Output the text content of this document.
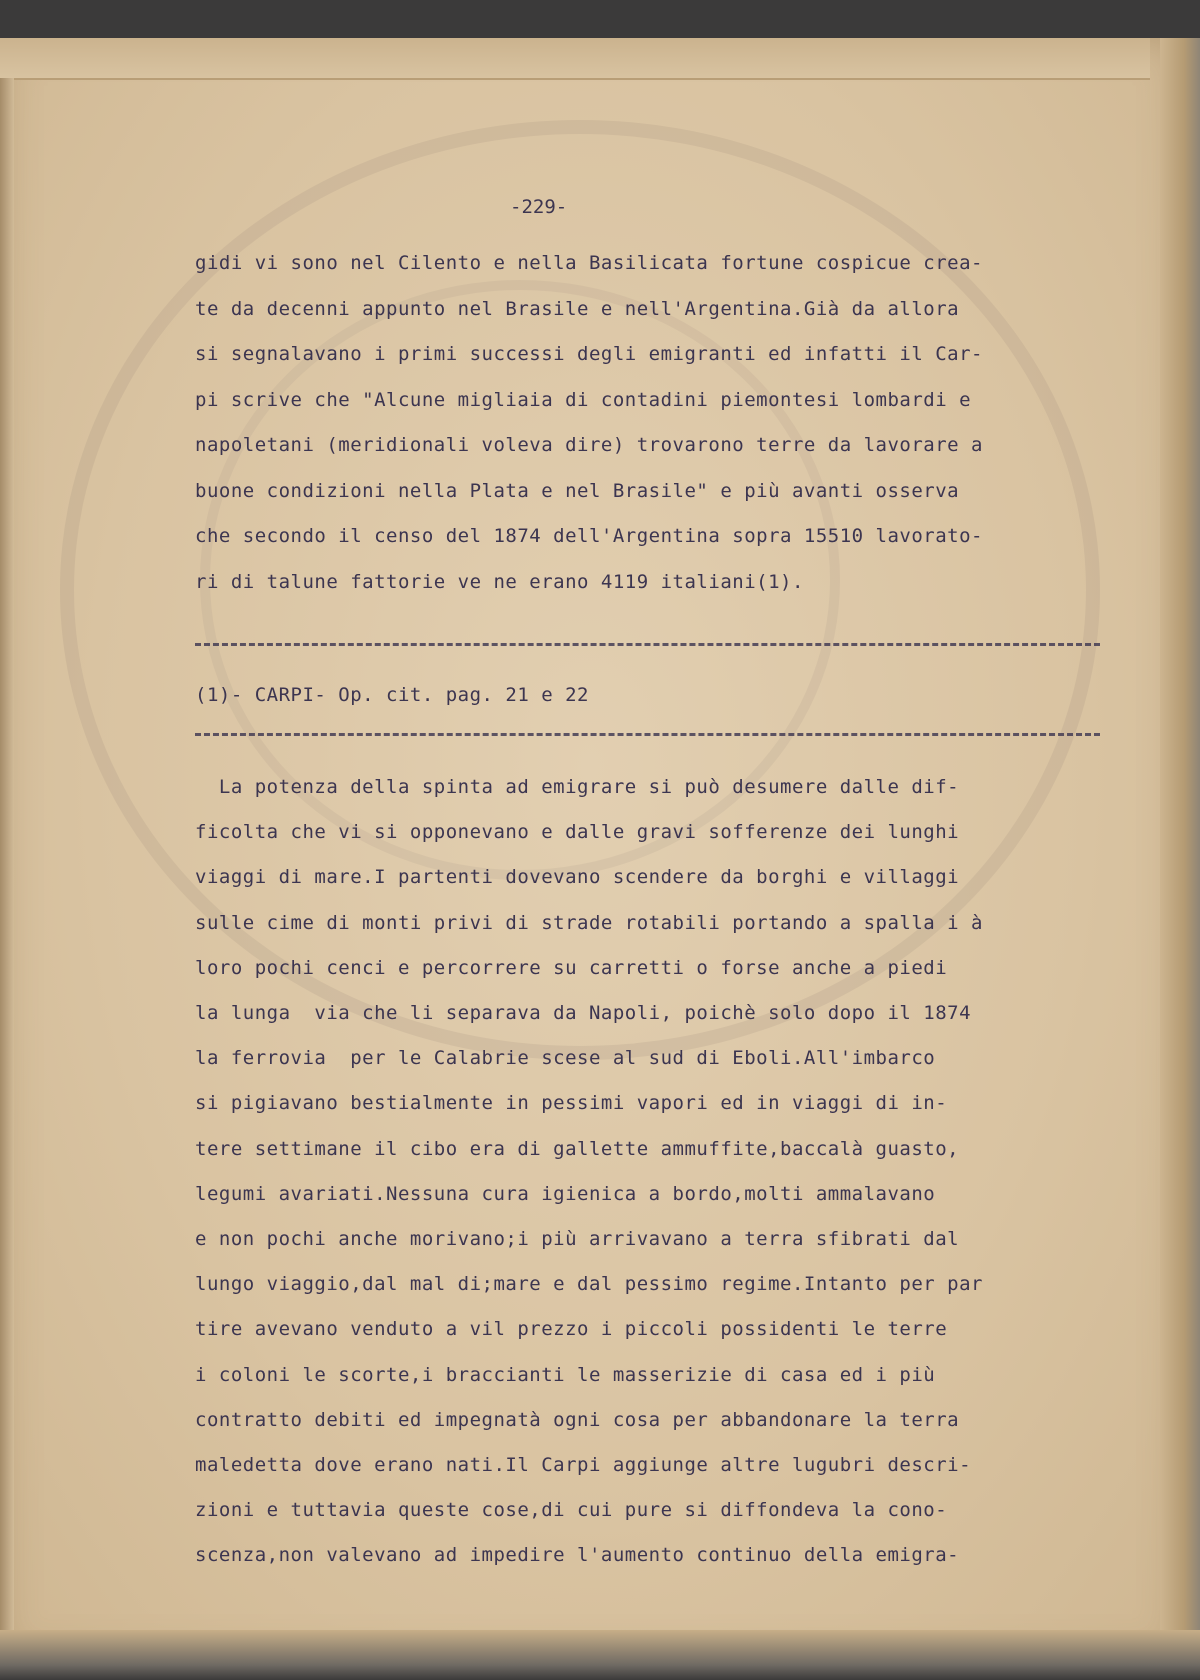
-229-
gidi vi sono nel Cilento e nella Basilicata fortune cospicue crea-
te da decenni appunto nel Brasile e nell'Argentina.Già da allora
si segnalavano i primi successi degli emigranti ed infatti il Car-
pi scrive che "Alcune migliaia di contadini piemontesi lombardi e
napoletani (meridionali voleva dire) trovarono terre da lavorare a
buone condizioni nella Plata e nel Brasile" e più avanti osserva
che secondo il censo del 1874 dell'Argentina sopra 15510 lavorato-
ri di talune fattorie ve ne erano 4119 italiani(1).
(1)- CARPI- Op. cit. pag. 21 e 22
La potenza della spinta ad emigrare si può desumere dalle dif-
ficolta che vi si opponevano e dalle gravi sofferenze dei lunghi
viaggi di mare.I partenti dovevano scendere da borghi e villaggi
sulle cime di monti privi di strade rotabili portando a spalla i à
loro pochi cenci e percorrere su carretti o forse anche a piedi
la lunga  via che li separava da Napoli, poichè solo dopo il 1874
la ferrovia  per le Calabrie scese al sud di Eboli.All'imbarco
si pigiavano bestialmente in pessimi vapori ed in viaggi di in-
tere settimane il cibo era di gallette ammuffite,baccalà guasto,
legumi avariati.Nessuna cura igienica a bordo,molti ammalavano
e non pochi anche morivano;i più arrivavano a terra sfibrati dal
lungo viaggio,dal mal di;mare e dal pessimo regime.Intanto per par
tire avevano venduto a vil prezzo i piccoli possidenti le terre
i coloni le scorte,i braccianti le masserizie di casa ed i più
contratto debiti ed impegnatà ogni cosa per abbandonare la terra
maledetta dove erano nati.Il Carpi aggiunge altre lugubri descri-
zioni e tuttavia queste cose,di cui pure si diffondeva la cono-
scenza,non valevano ad impedire l'aumento continuo della emigra-
